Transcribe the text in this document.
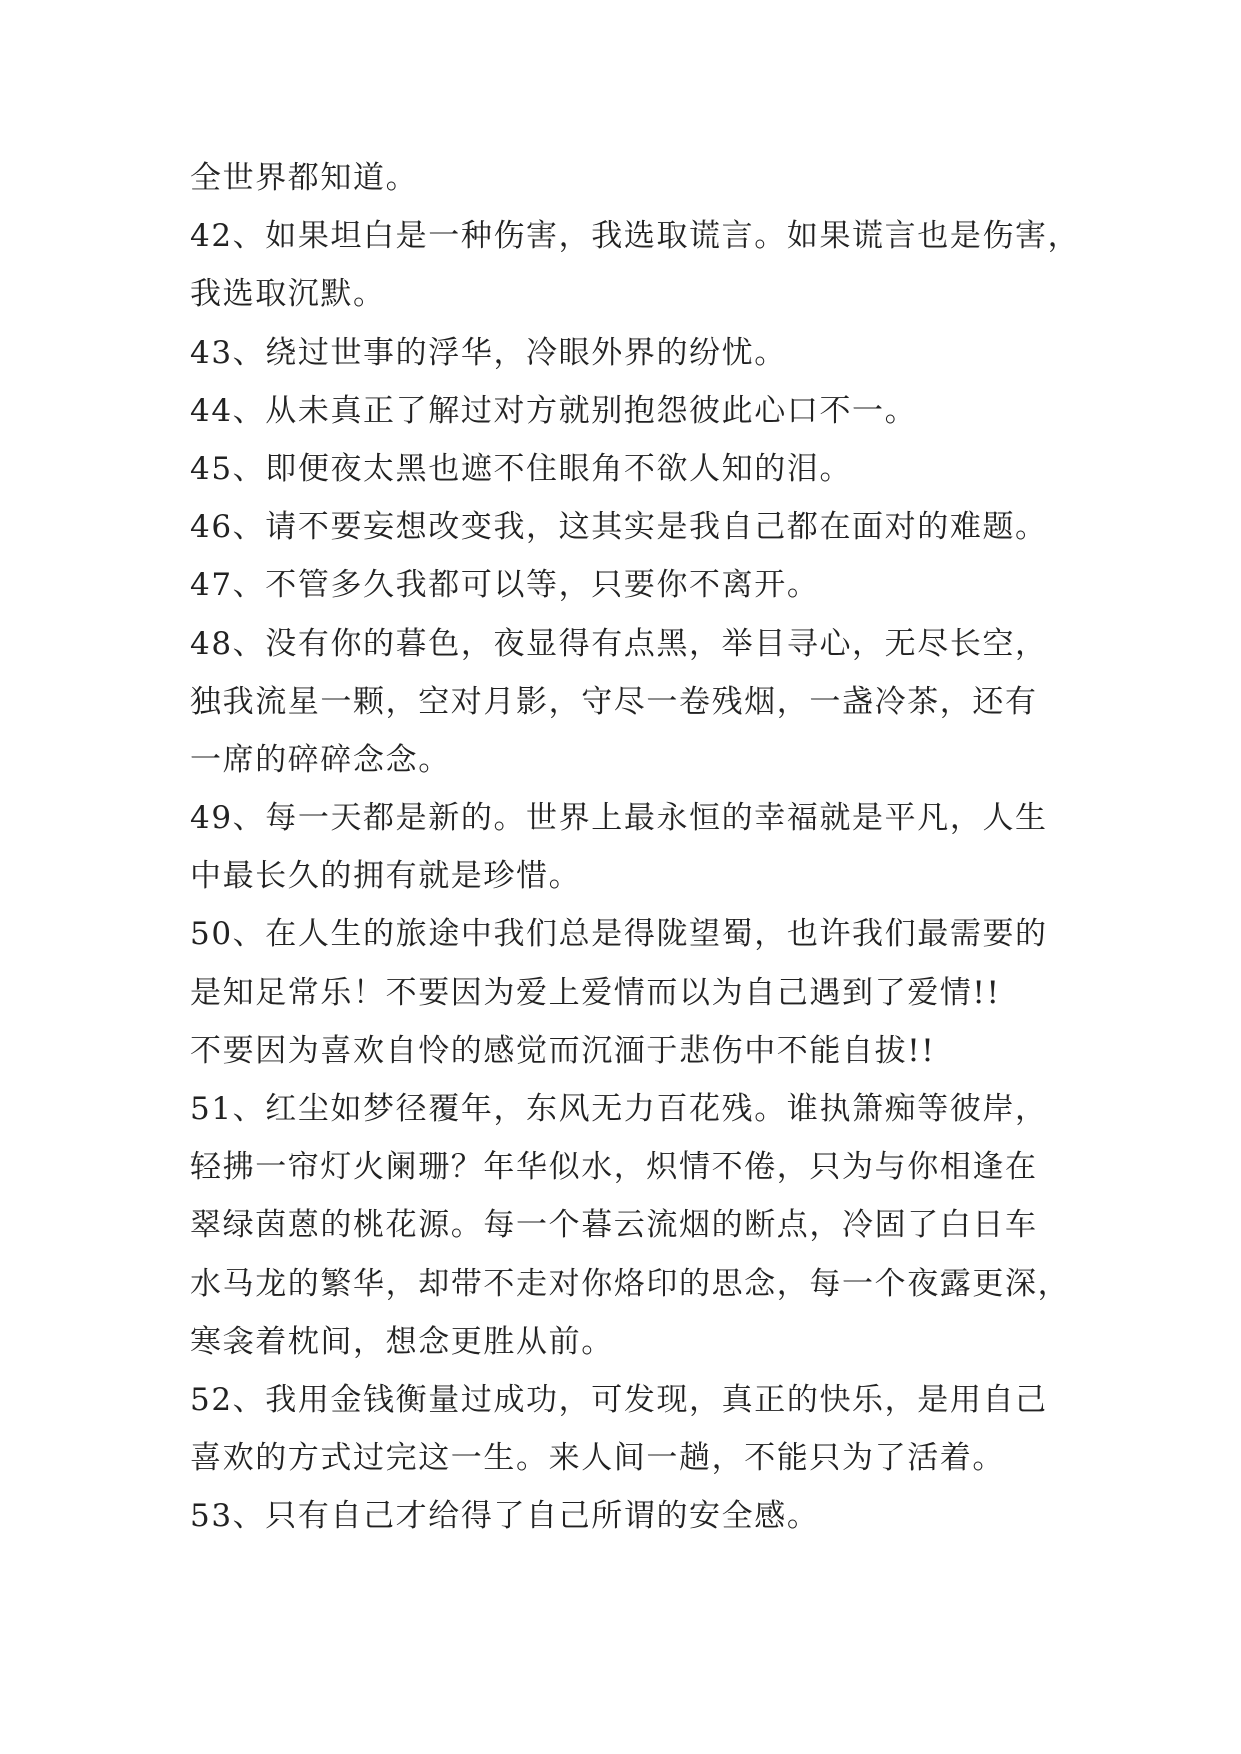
全世界都知道。
42、如果坦白是一种伤害，我选取谎言。如果谎言也是伤害，
我选取沉默。
43、绕过世事的浮华，冷眼外界的纷忧。
44、从未真正了解过对方就别抱怨彼此心口不一。
45、即便夜太黑也遮不住眼角不欲人知的泪。
46、请不要妄想改变我，这其实是我自己都在面对的难题。
47、不管多久我都可以等，只要你不离开。
48、没有你的暮色，夜显得有点黑，举目寻心，无尽长空，
独我流星一颗，空对月影，守尽一卷残烟，一盏冷茶，还有
一席的碎碎念念。
49、每一天都是新的。世界上最永恒的幸福就是平凡，人生
中最长久的拥有就是珍惜。
50、在人生的旅途中我们总是得陇望蜀，也许我们最需要的
是知足常乐！不要因为爱上爱情而以为自己遇到了爱情!!
不要因为喜欢自怜的感觉而沉湎于悲伤中不能自拔!!
51、红尘如梦径覆年，东风无力百花残。谁执箫痴等彼岸，
轻拂一帘灯火阑珊？年华似水，炽情不倦，只为与你相逢在
翠绿茵蒽的桃花源。每一个暮云流烟的断点，冷固了白日车
水马龙的繁华，却带不走对你烙印的思念，每一个夜露更深，
寒衾着枕间，想念更胜从前。
52、我用金钱衡量过成功，可发现，真正的快乐，是用自己
喜欢的方式过完这一生。来人间一趟，不能只为了活着。
53、只有自己才给得了自己所谓的安全感。
